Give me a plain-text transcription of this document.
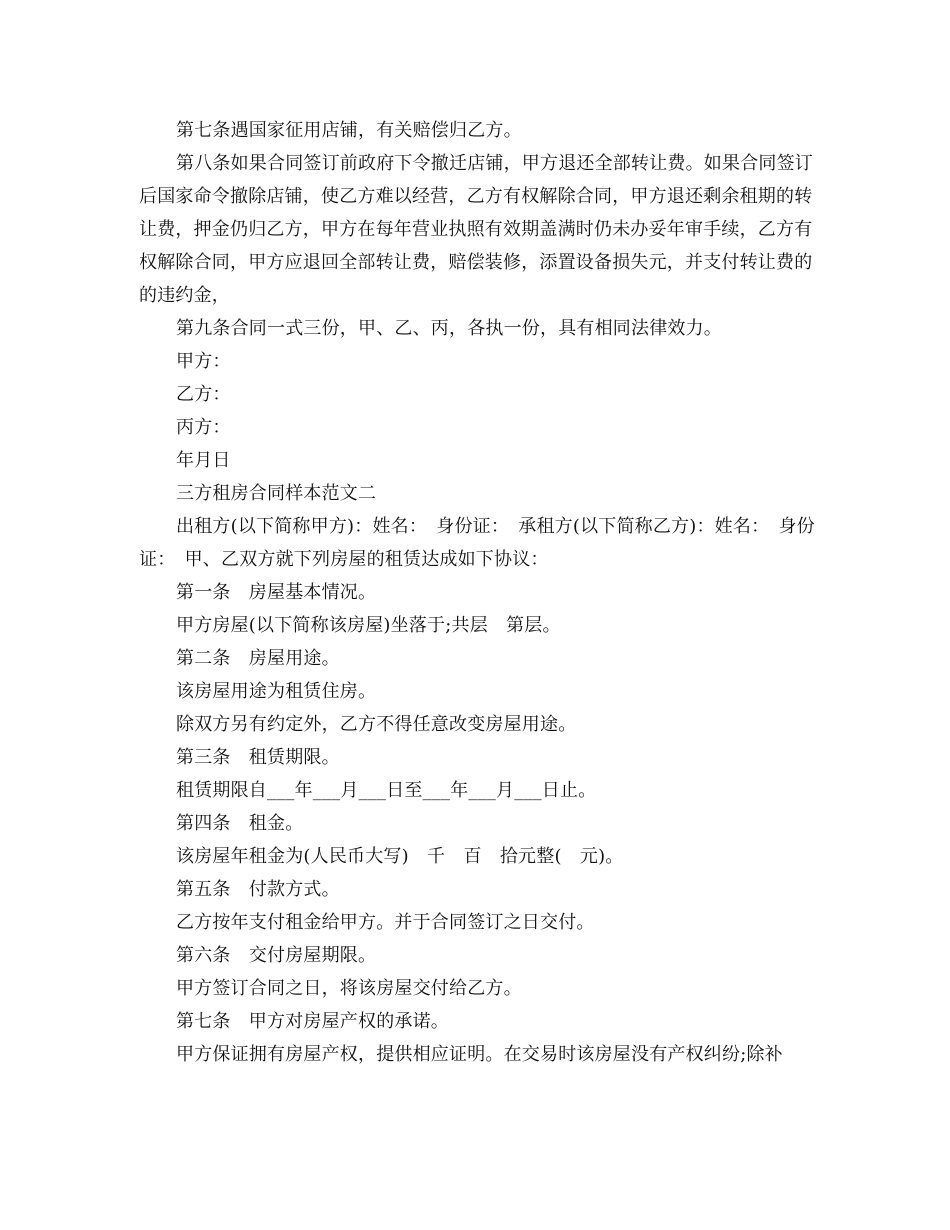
第七条遇国家征用店铺，有关赔偿归乙方。

第八条如果合同签订前政府下令撤迁店铺，甲方退还全部转让费。如果合同签订后国家命令撤除店铺，使乙方难以经营，乙方有权解除合同，甲方退还剩余租期的转让费，押金仍归乙方，甲方在每年营业执照有效期盖满时仍未办妥年审手续，乙方有权解除合同，甲方应退回全部转让费，赔偿装修，添置设备损失元，并支付转让费的的违约金，

第九条合同一式三份，甲、乙、丙，各执一份，具有相同法律效力。

甲方：

乙方：

丙方：

年月日

三方租房合同样本范文二

出租方(以下简称甲方)：姓名：　身份证：　承租方(以下简称乙方)：姓名：　身份证：　甲、乙双方就下列房屋的租赁达成如下协议：

第一条　房屋基本情况。

甲方房屋(以下简称该房屋)坐落于;共层　第层。

第二条　房屋用途。

该房屋用途为租赁住房。

除双方另有约定外，乙方不得任意改变房屋用途。

第三条　租赁期限。

租赁期限自___年___月___日至___年___月___日止。

第四条　租金。

该房屋年租金为(人民币大写)　千　百　拾元整(　元)。

第五条　付款方式。

乙方按年支付租金给甲方。并于合同签订之日交付。

第六条　交付房屋期限。

甲方签订合同之日，将该房屋交付给乙方。

第七条　甲方对房屋产权的承诺。

甲方保证拥有房屋产权，提供相应证明。在交易时该房屋没有产权纠纷;除补
